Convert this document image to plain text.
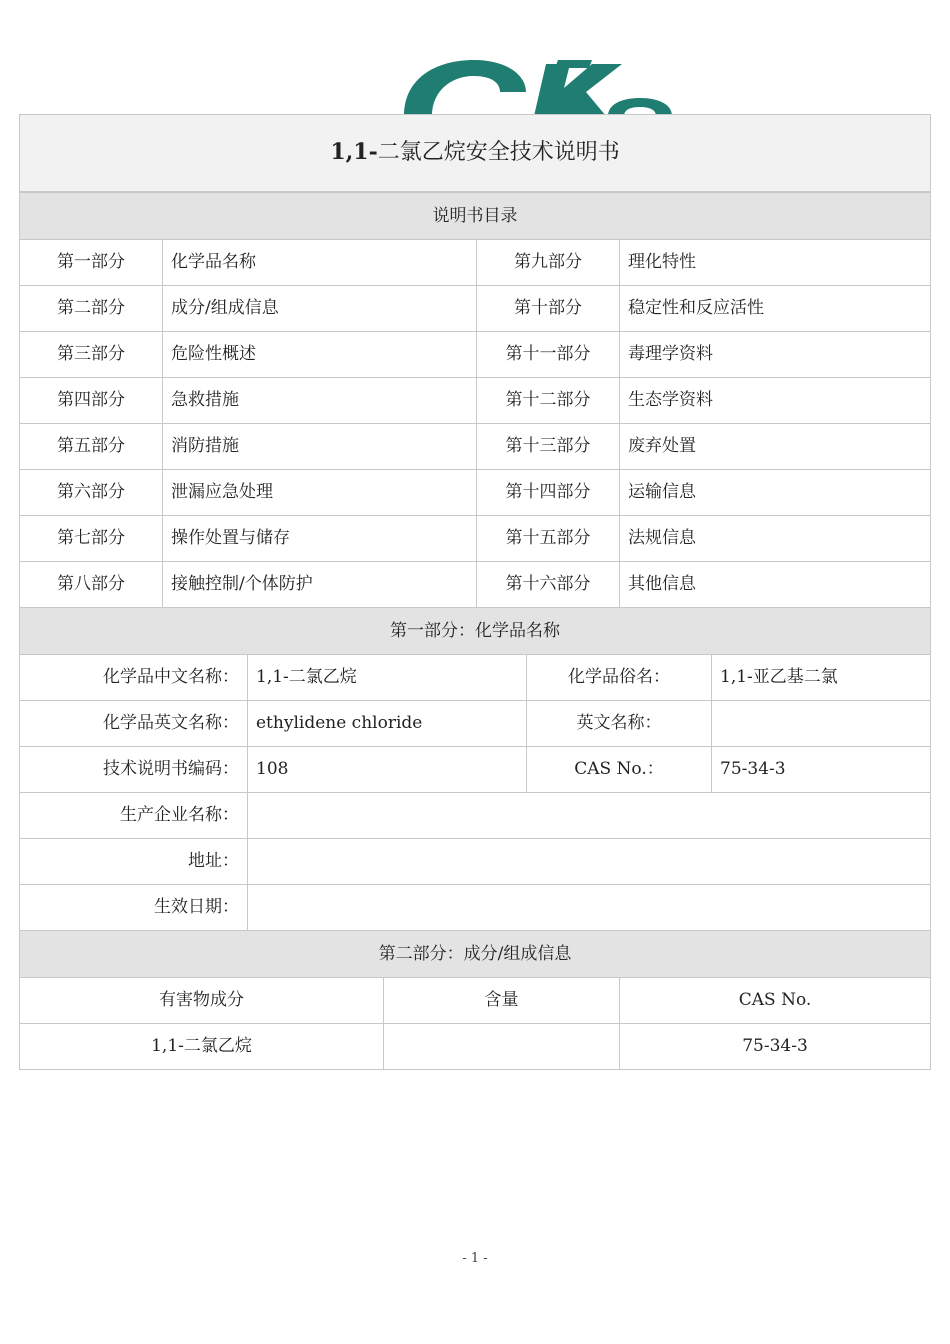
1,1-二氯乙烷安全技术说明书							
说明书目录							
第一部分	化学品名称			第九部分		理化特性	
第二部分	成分/组成信息			第十部分		稳定性和反应活性	
第三部分	危险性概述			第十一部分		毒理学资料	
第四部分	急救措施			第十二部分		生态学资料	
第五部分	消防措施			第十三部分		废弃处置	
第六部分	泄漏应急处理			第十四部分		运输信息	
第七部分	操作处置与储存			第十五部分		法规信息	
第八部分	接触控制/个体防护			第十六部分		其他信息	
第一部分：化学品名称							
化学品中文名称：		1,1-二氯乙烷			化学品俗名：		1,1-亚乙基二氯
化学品英文名称：		ethylidene chloride			英文名称：		
技术说明书编码：		108			CAS No.：		75-34-3
生产企业名称：							
地址：							
生效日期：							
第二部分：成分/组成信息							
有害物成分			含量			CAS No.	
1,1-二氯乙烷						75-34-3	
- 1 -
